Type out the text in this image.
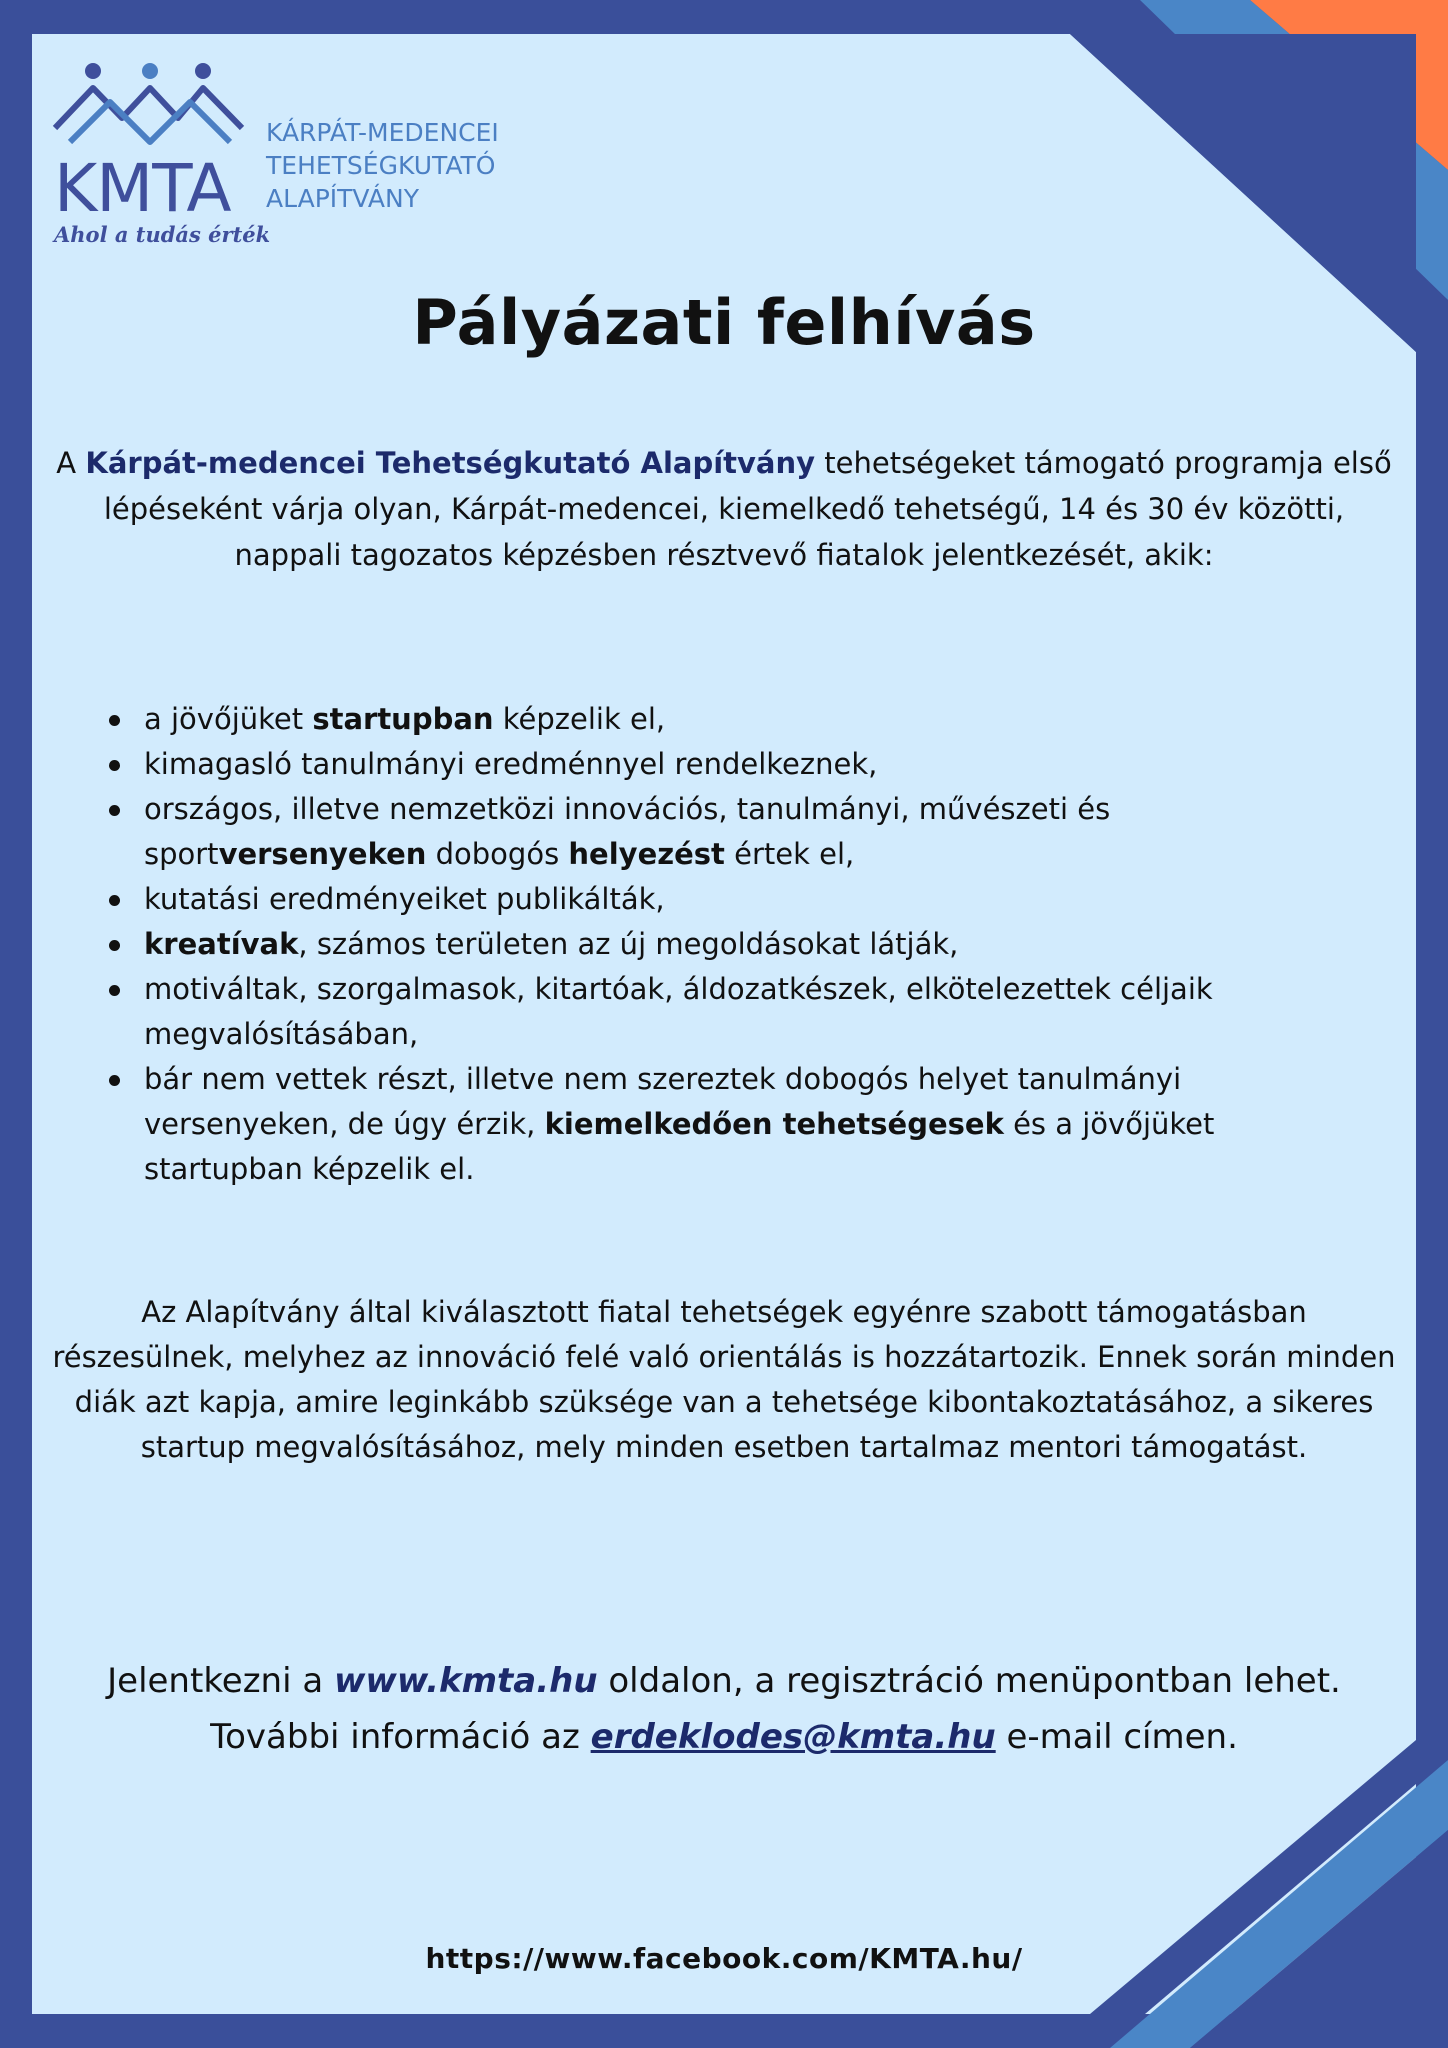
KMTA
KÁRPÁT-MEDENCEI
TEHETSÉGKUTATÓ
ALAPÍTVÁNY
Ahol a tudás érték
Pályázati felhívás

A Kárpát-medencei Tehetségkutató Alapítvány tehetségeket támogató programja első lépéseként várja olyan, Kárpát-medencei, kiemelkedő tehetségű, 14 és 30 év közötti, nappali tagozatos képzésben résztvevő fiatalok jelentkezését, akik:

a jövőjüket startupban képzelik el,
kimagasló tanulmányi eredménnyel rendelkeznek,
országos, illetve nemzetközi innovációs, tanulmányi, művészeti és sportversenyeken dobogós helyezést értek el,
kutatási eredményeiket publikálták,
kreatívak, számos területen az új megoldásokat látják,
motiváltak, szorgalmasok, kitartóak, áldozatkészek, elkötelezettek céljaik megvalósításában,
bár nem vettek részt, illetve nem szereztek dobogós helyet tanulmányi versenyeken, de úgy érzik, kiemelkedően tehetségesek és a jövőjüket startupban képzelik el.

Az Alapítvány által kiválasztott fiatal tehetségek egyénre szabott támogatásban részesülnek, melyhez az innováció felé való orientálás is hozzátartozik. Ennek során minden diák azt kapja, amire leginkább szüksége van a tehetsége kibontakoztatásához, a sikeres startup megvalósításához, mely minden esetben tartalmaz mentori támogatást.

Jelentkezni a www.kmta.hu oldalon, a regisztráció menüpontban lehet.

További információ az erdeklodes@kmta.hu e-mail címen.

https://www.facebook.com/KMTA.hu/
